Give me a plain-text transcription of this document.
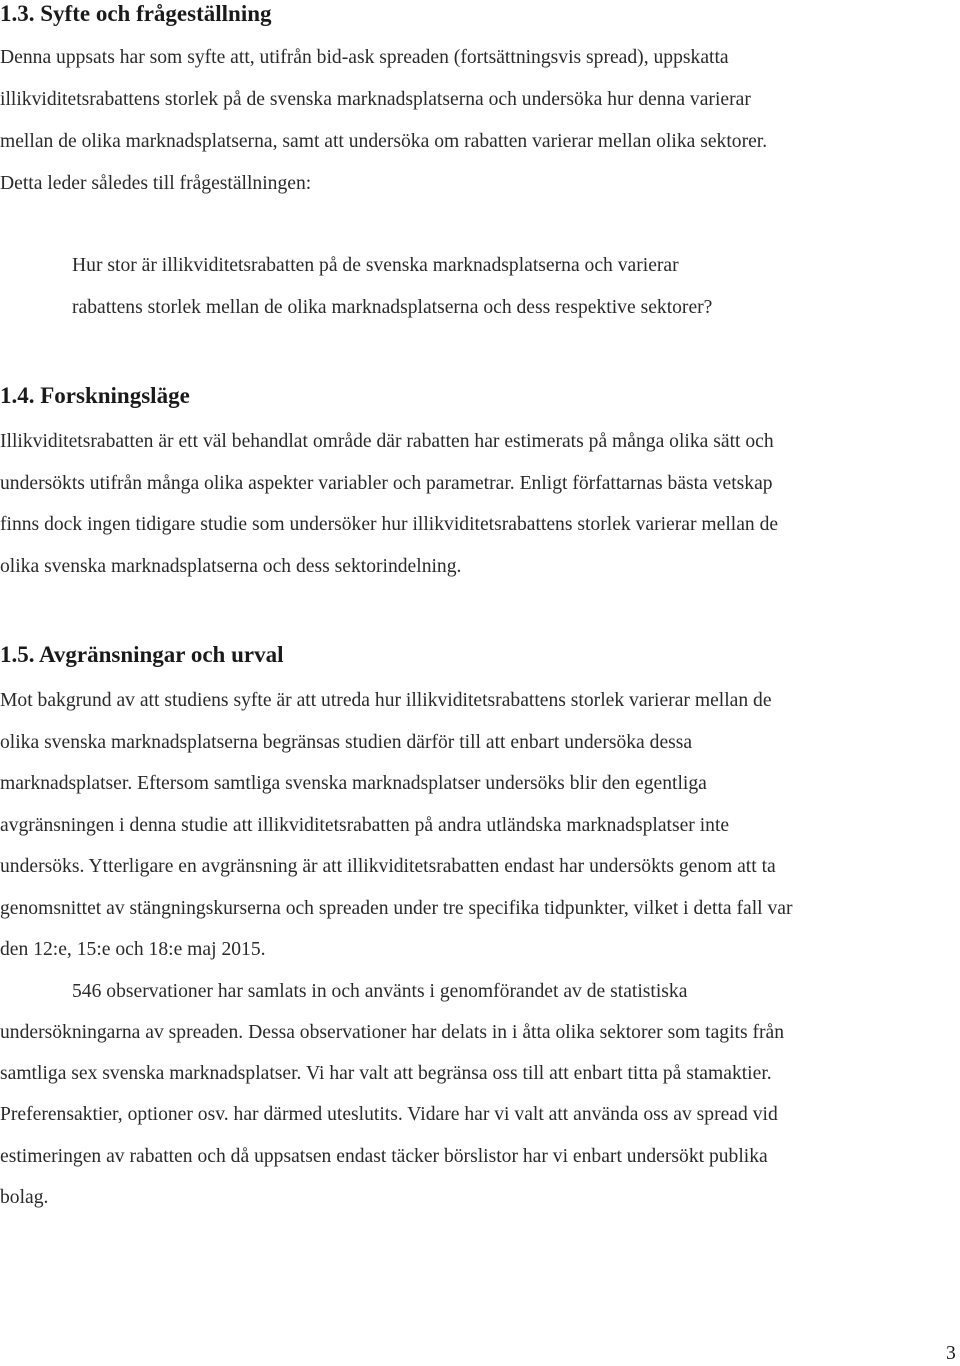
1.3. Syfte och frågeställning

Denna uppsats har som syfte att, utifrån bid-ask spreaden (fortsättningsvis spread), uppskatta

illikviditetsrabattens storlek på de svenska marknadsplatserna och undersöka hur denna varierar

mellan de olika marknadsplatserna, samt att undersöka om rabatten varierar mellan olika sektorer.

Detta leder således till frågeställningen:

Hur stor är illikviditetsrabatten på de svenska marknadsplatserna och varierar

rabattens storlek mellan de olika marknadsplatserna och dess respektive sektorer?

1.4. Forskningsläge

Illikviditetsrabatten är ett väl behandlat område där rabatten har estimerats på många olika sätt och

undersökts utifrån många olika aspekter variabler och parametrar. Enligt författarnas bästa vetskap

finns dock ingen tidigare studie som undersöker hur illikviditetsrabattens storlek varierar mellan de

olika svenska marknadsplatserna och dess sektorindelning.

1.5. Avgränsningar och urval

Mot bakgrund av att studiens syfte är att utreda hur illikviditetsrabattens storlek varierar mellan de

olika svenska marknadsplatserna begränsas studien därför till att enbart undersöka dessa

marknadsplatser. Eftersom samtliga svenska marknadsplatser undersöks blir den egentliga

avgränsningen i denna studie att illikviditetsrabatten på andra utländska marknadsplatser inte

undersöks. Ytterligare en avgränsning är att illikviditetsrabatten endast har undersökts genom att ta

genomsnittet av stängningskurserna och spreaden under tre specifika tidpunkter, vilket i detta fall var

den 12:e, 15:e och 18:e maj 2015.

546 observationer har samlats in och använts i genomförandet av de statistiska

undersökningarna av spreaden. Dessa observationer har delats in i åtta olika sektorer som tagits från

samtliga sex svenska marknadsplatser. Vi har valt att begränsa oss till att enbart titta på stamaktier.

Preferensaktier, optioner osv. har därmed uteslutits. Vidare har vi valt att använda oss av spread vid

estimeringen av rabatten och då uppsatsen endast täcker börslistor har vi enbart undersökt publika

bolag.

3
